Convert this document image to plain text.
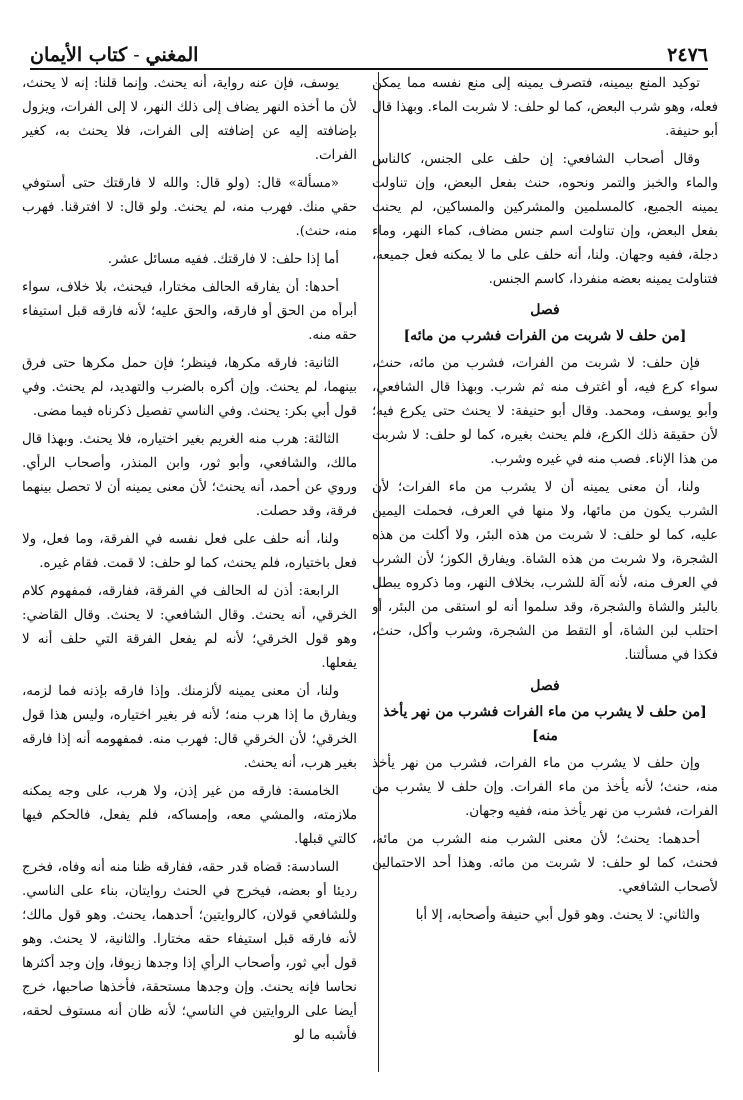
٢٤٧٦
المغني
-
كتاب الأيمان

توكيد المنع بيمينه، فتصرف يمينه إلى منع نفسه مما يمكن فعله، وهو شرب البعض، كما لو حلف: لا شربت الماء. وبهذا قال أبو حنيفة.

وقال أصحاب الشافعي: إن حلف على الجنس، كالناس والماء والخبز والتمر ونحوه، حنث بفعل البعض، وإن تناولت يمينه الجميع، كالمسلمين والمشركين والمساكين، لم يحنث بفعل البعض، وإن تناولت اسم جنس مضاف، كماء النهر، وماء دجلة، ففيه وجهان. ولنا، أنه حلف على ما لا يمكنه فعل جميعه، فتناولت يمينه بعضه منفردا، كاسم الجنس.

فصل
[من حلف لا شربت من الفرات فشرب من مائه]

فإن حلف: لا شربت من الفرات، فشرب من مائه، حنث، سواء كرع فيه، أو اغترف منه ثم شرب. وبهذا قال الشافعي، وأبو يوسف، ومحمد. وقال أبو حنيفة: لا يحنث حتى يكرع فيه؛ لأن حقيقة ذلك الكرع، فلم يحنث بغيره، كما لو حلف: لا شربت من هذا الإناء. فصب منه في غيره وشرب.

ولنا، أن معنى يمينه أن لا يشرب من ماء الفرات؛ لأن الشرب يكون من مائها، ولا منها في العرف، فحملت اليمين عليه، كما لو حلف: لا شربت من هذه البئر، ولا أكلت من هذه الشجرة، ولا شربت من هذه الشاة. ويفارق الكوز؛ لأن الشرب في العرف منه، لأنه آلة للشرب، بخلاف النهر، وما ذكروه يبطل بالبئر والشاة والشجرة، وقد سلموا أنه لو استقى من البئر، أو احتلب لبن الشاة، أو التقط من الشجرة، وشرب وأكل، حنث، فكذا في مسألتنا.

فصل
[من حلف لا يشرب من ماء الفرات فشرب من نهر يأخذ منه]

وإن حلف لا يشرب من ماء الفرات، فشرب من نهر يأخذ منه، حنث؛ لأنه يأخذ من ماء الفرات. وإن حلف لا يشرب من الفرات، فشرب من نهر يأخذ منه، ففيه وجهان.

أحدهما: يحنث؛ لأن معنى الشرب منه الشرب من مائه، فحنث، كما لو حلف: لا شربت من مائه. وهذا أحد الاحتمالين لأصحاب الشافعي.

والثاني: لا يحنث. وهو قول أبي حنيفة وأصحابه، إلا أبا

يوسف، فإن عنه رواية، أنه يحنث. وإنما قلنا: إنه لا يحنث، لأن ما أخذه النهر يضاف إلى ذلك النهر، لا إلى الفرات، ويزول بإضافته إليه عن إضافته إلى الفرات، فلا يحنث به، كغير الفرات.

«مسألة» قال: (ولو قال: والله لا فارقتك حتى أستوفي حقي منك. فهرب منه، لم يحنث. ولو قال: لا افترقنا. فهرب منه، حنث).

أما إذا حلف: لا فارقتك. ففيه مسائل عشر.

أحدها: أن يفارقه الحالف مختارا، فيحنث، بلا خلاف، سواء أبرأه من الحق أو فارقه، والحق عليه؛ لأنه فارقه قبل استيفاء حقه منه.

الثانية: فارقه مكرها، فينظر؛ فإن حمل مكرها حتى فرق بينهما، لم يحنث. وإن أكره بالضرب والتهديد، لم يحنث. وفي قول أبي بكر: يحنث. وفي الناسي تفصيل ذكرناه فيما مضى.

الثالثة: هرب منه الغريم بغير اختياره، فلا يحنث. وبهذا قال مالك، والشافعي، وأبو ثور، وابن المنذر، وأصحاب الرأي. وروي عن أحمد، أنه يحنث؛ لأن معنى يمينه أن لا تحصل بينهما فرقة، وقد حصلت.

ولنا، أنه حلف على فعل نفسه في الفرقة، وما فعل، ولا فعل باختياره، فلم يحنث، كما لو حلف: لا قمت. فقام غيره.

الرابعة: أذن له الحالف في الفرقة، ففارقه، فمفهوم كلام الخرقي، أنه يحنث. وقال الشافعي: لا يحنث. وقال القاضي: وهو قول الخرقي؛ لأنه لم يفعل الفرقة التي حلف أنه لا يفعلها.

ولنا، أن معنى يمينه لألزمنك. وإذا فارقه بإذنه فما لزمه، ويفارق ما إذا هرب منه؛ لأنه فر بغير اختياره، وليس هذا قول الخرقي؛ لأن الخرقي قال: فهرب منه. فمفهومه أنه إذا فارقه بغير هرب، أنه يحنث.

الخامسة: فارقه من غير إذن، ولا هرب، على وجه يمكنه ملازمته، والمشي معه، وإمساكه، فلم يفعل، فالحكم فيها كالتي قبلها.

السادسة: قضاه قدر حقه، ففارقه ظنا منه أنه وفاه، فخرج رديئا أو بعضه، فيخرج في الحنث روايتان، بناء على الناسي. وللشافعي قولان، كالروايتين؛ أحدهما، يحنث. وهو قول مالك؛ لأنه فارقه قبل استيفاء حقه مختارا. والثانية، لا يحنث. وهو قول أبي ثور، وأصحاب الرأي إذا وجدها زيوفا، وإن وجد أكثرها نحاسا فإنه يحنث. وإن وجدها مستحقة، فأخذها صاحبها، خرج أيضا على الروايتين في الناسي؛ لأنه ظان أنه مستوف لحقه، فأشبه ما لو
